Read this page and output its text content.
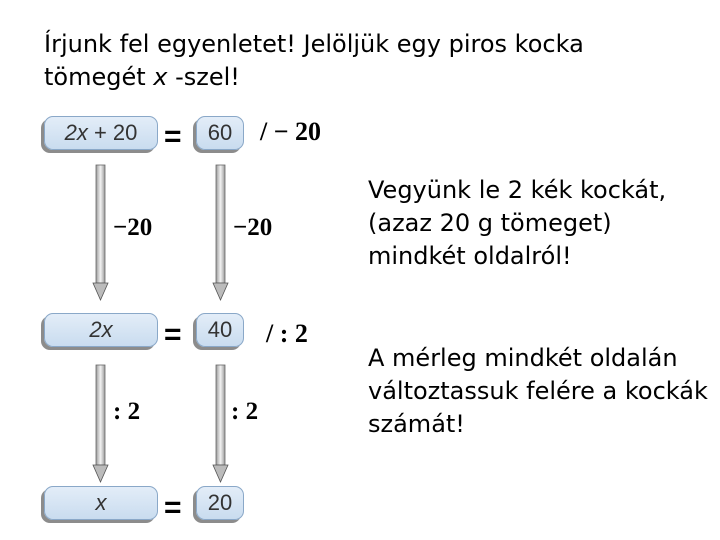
Írjunk fel egyenletet! Jelöljük egy piros kocka
tömegét x -szel!

2x + 20 =	60	/ − 20
−20	−20
2x =	40	/ : 2
: 2	: 2
x =	20

Vegyünk le 2 kék kockát,
(azaz 20 g tömeget)
mindkét oldalról!

A mérleg mindkét oldalán
változtassuk felére a kockák
számát!
